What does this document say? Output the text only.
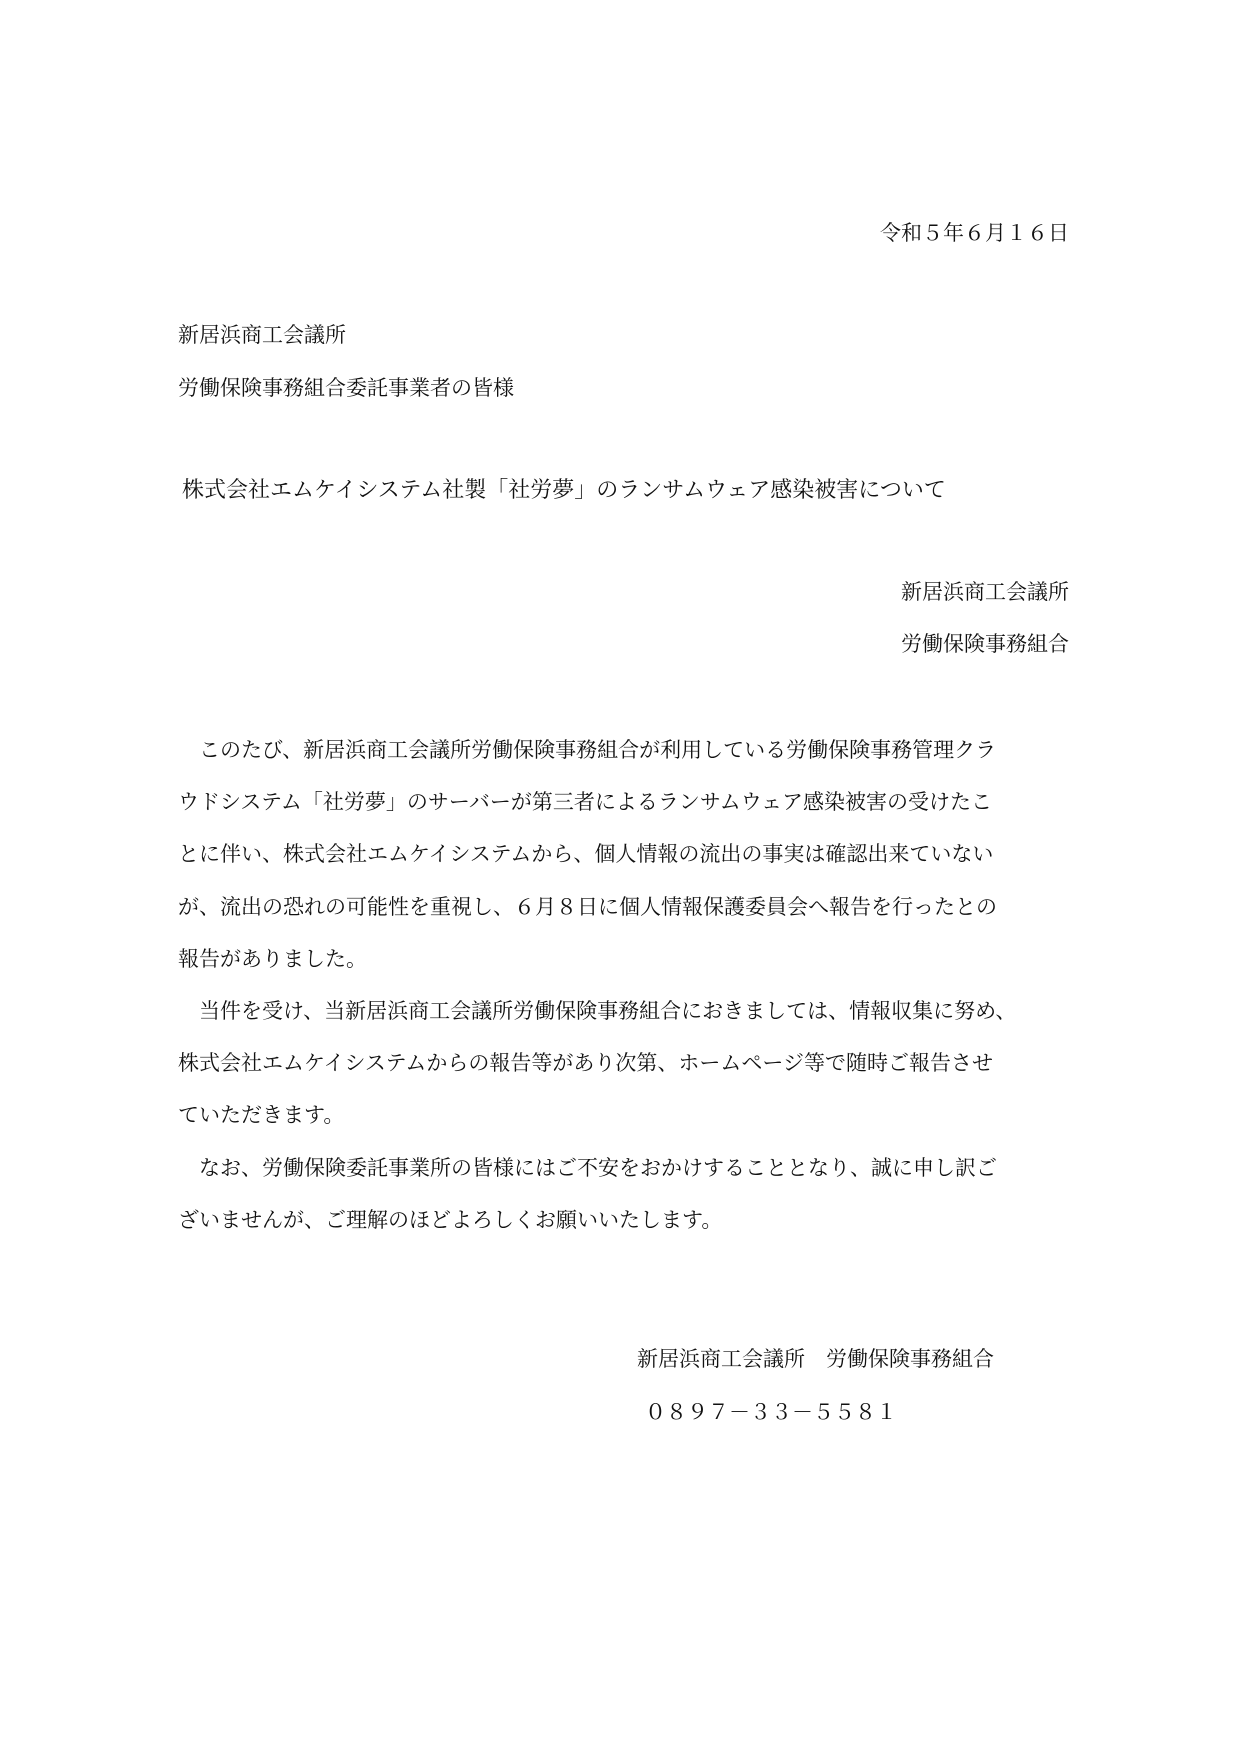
令和５年６月１６日
新居浜商工会議所
労働保険事務組合委託事業者の皆様
株式会社エムケイシステム社製「社労夢」のランサムウェア感染被害について
新居浜商工会議所
労働保険事務組合
　このたび、新居浜商工会議所労働保険事務組合が利用している労働保険事務管理クラ
ウドシステム「社労夢」のサーバーが第三者によるランサムウェア感染被害の受けたこ
とに伴い、株式会社エムケイシステムから、個人情報の流出の事実は確認出来ていない
が、流出の恐れの可能性を重視し、６月８日に個人情報保護委員会へ報告を行ったとの
報告がありました。
　当件を受け、当新居浜商工会議所労働保険事務組合におきましては、情報収集に努め、
株式会社エムケイシステムからの報告等があり次第、ホームページ等で随時ご報告させ
ていただきます。
　なお、労働保険委託事業所の皆様にはご不安をおかけすることとなり、誠に申し訳ご
ざいませんが、ご理解のほどよろしくお願いいたします。
新居浜商工会議所　労働保険事務組合
０８９７－３３－５５８１
